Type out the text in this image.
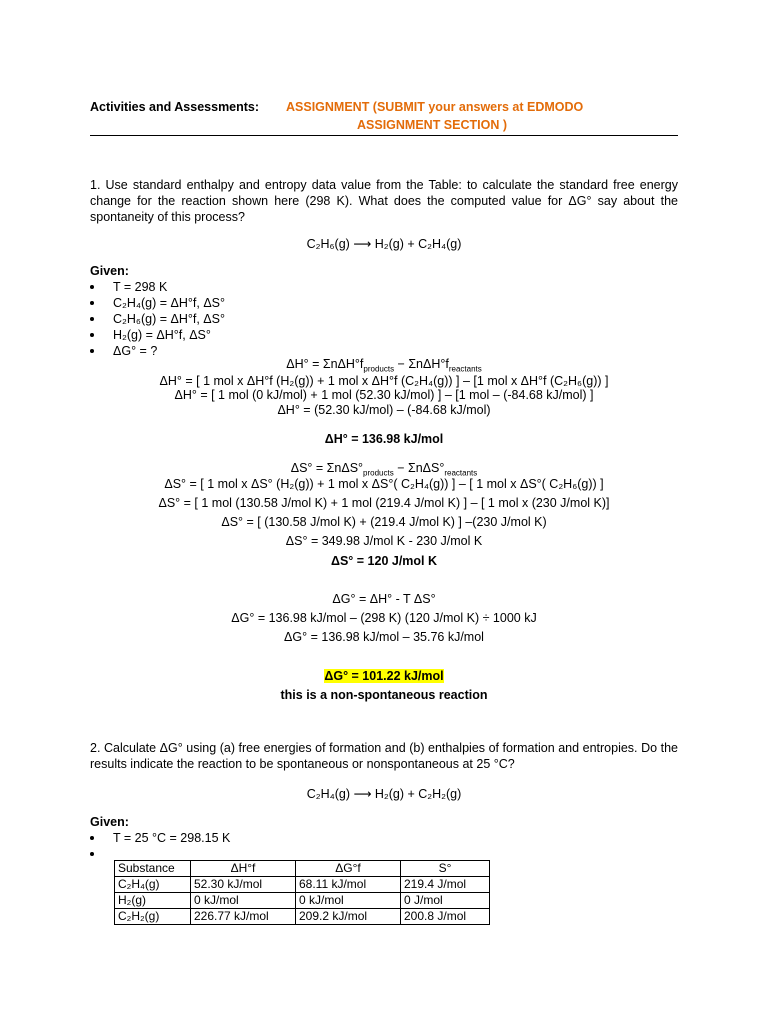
Activities and Assessments: ASSIGNMENT (SUBMIT your answers at EDMODO
ASSIGNMENT SECTION )
1. Use standard enthalpy and entropy data value from the Table: to calculate the standard free energy change for the reaction shown here (298 K). What does the computed value for ΔG° say about the spontaneity of this process?
C₂H₆(g) ⟶ H₂(g) + C₂H₄(g)
Given:
T = 298 K
C₂H₄(g) = ΔH°f, ΔS°
C₂H₆(g) = ΔH°f, ΔS°
H₂(g) = ΔH°f, ΔS°
ΔG° = ?
$\Delta H^\circ = \Sigma n\Delta H^\circ f_{products} - \Sigma n\Delta H^\circ f_{reactants}$
ΔH° = [ 1 mol x ΔH°f (H₂(g)) + 1 mol x ΔH°f (C₂H₄(g)) ] – [1 mol x ΔH°f (C₂H₆(g)) ]
ΔH° = [ 1 mol (0 kJ/mol) + 1 mol (52.30 kJ/mol) ] – [1 mol – (-84.68 kJ/mol) ]
ΔH° = (52.30 kJ/mol) – (-84.68 kJ/mol)
ΔH° = 136.98 kJ/mol
$\Delta S^\circ = \Sigma n\Delta S^\circ_{products} - \Sigma n\Delta S^\circ_{reactants}$
ΔS° = [ 1 mol x ΔS° (H₂(g)) + 1 mol x ΔS°( C₂H₄(g)) ] – [ 1 mol x ΔS°( C₂H₆(g)) ]
ΔS° = [ 1 mol (130.58 J/mol K) + 1 mol (219.4 J/mol K) ] – [ 1 mol x (230 J/mol K)]
ΔS° = [ (130.58 J/mol K) + (219.4 J/mol K) ] –(230 J/mol K)
ΔS° = 349.98 J/mol K - 230 J/mol K
ΔS° = 120 J/mol K
ΔG° = ΔH° - T ΔS°
ΔG° = 136.98 kJ/mol – (298 K) (120 J/mol K) ÷ 1000 kJ
ΔG° = 136.98 kJ/mol – 35.76 kJ/mol
ΔG° = 101.22 kJ/mol
this is a non-spontaneous reaction
2. Calculate ΔG° using (a) free energies of formation and (b) enthalpies of formation and entropies. Do the results indicate the reaction to be spontaneous or nonspontaneous at 25 °C?
C₂H₄(g) ⟶ H₂(g) + C₂H₂(g)
Given:
T = 25 °C = 298.15 K
Substance	ΔH°f	ΔG°f	S°
C₂H₄(g)	52.30 kJ/mol	68.11 kJ/mol	219.4 J/mol
H₂(g)	0 kJ/mol	0 kJ/mol	0 J/mol
C₂H₂(g)	226.77 kJ/mol	209.2 kJ/mol	200.8 J/mol
